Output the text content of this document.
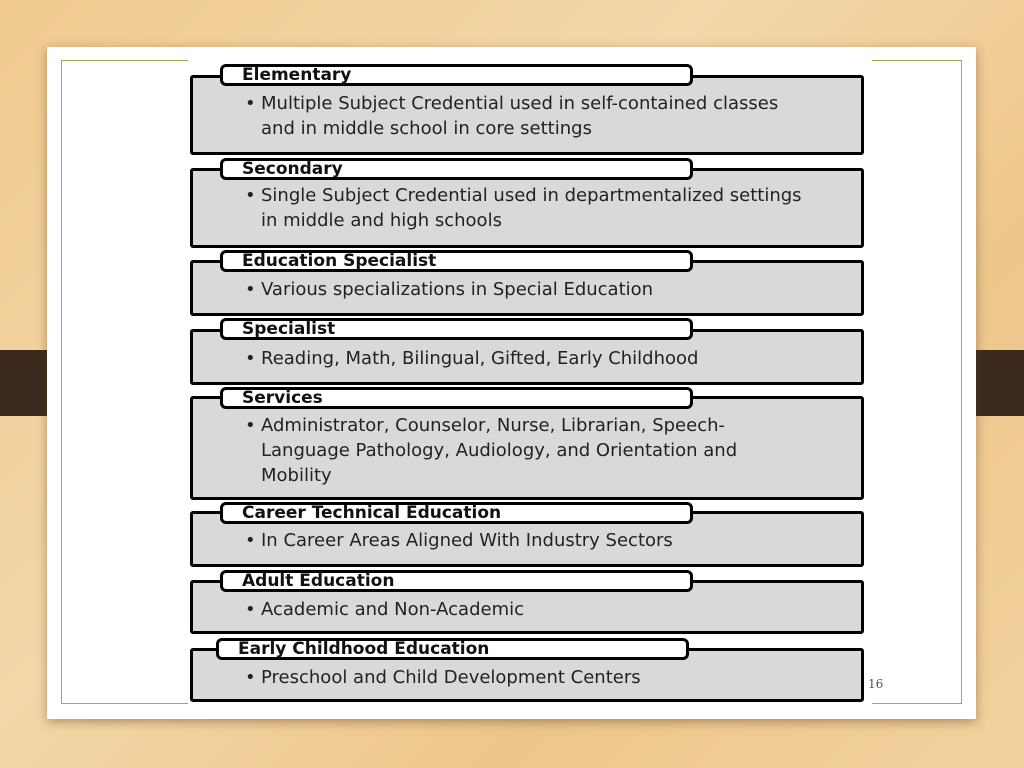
• Multiple Subject Credential used in self-contained classes and in middle school in core settings
Elementary
• Single Subject Credential used in departmentalized settings in middle and high schools
Secondary
• Various specializations in Special Education
Education Specialist
• Reading, Math, Bilingual, Gifted, Early Childhood
Specialist
• Administrator, Counselor, Nurse, Librarian, Speech-Language Pathology, Audiology, and Orientation and Mobility
Services
• In Career Areas Aligned With Industry Sectors
Career Technical Education
• Academic and Non-Academic
Adult Education
• Preschool and Child Development Centers
Early Childhood Education
16
